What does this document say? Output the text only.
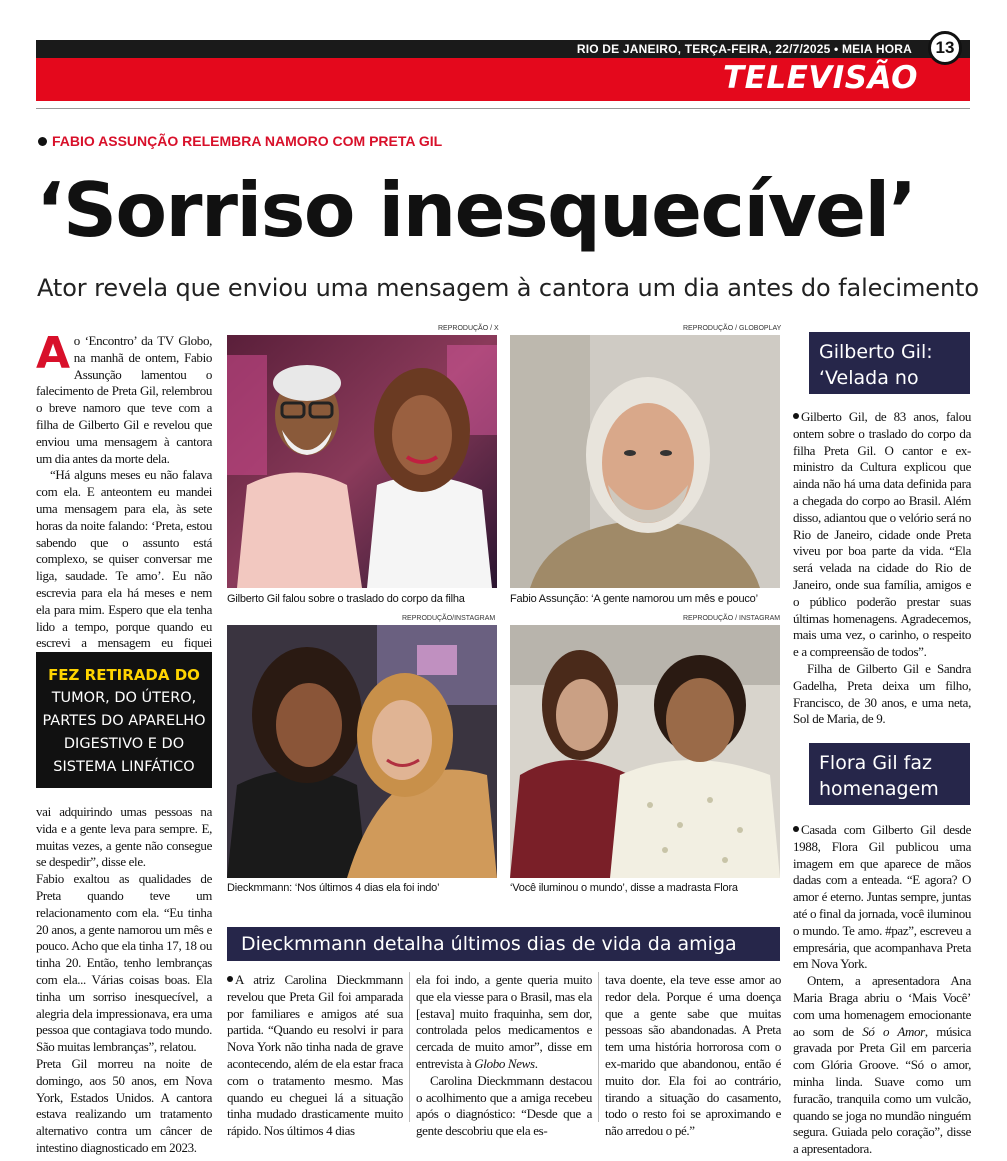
RIO DE JANEIRO, TERÇA-FEIRA, 22/7/2025 • MEIA HORA
TELEVISÃO
13
FABIO ASSUNÇÃO RELEMBRA NAMORO COM PRETA GIL
‘Sorriso inesquecível’
Ator revela que enviou uma mensagem à cantora um dia antes do falecimento

Ao ‘Encontro’ da TV Globo, na manhã de ontem, Fabio Assunção lamentou o falecimento de Preta Gil, relembrou o breve namoro que teve com a filha de Gilberto Gil e revelou que enviou uma mensagem à cantora um dia antes da morte dela.

“Há alguns meses eu não falava com ela. E anteontem eu mandei uma mensagem para ela, às sete horas da noite falando: ‘Preta, estou sabendo que o assunto está complexo, se quiser conversar me liga, saudade. Te amo’. Eu não escrevia para ela há meses e nem ela para mim. Espero que ela tenha lido a tempo, porque quando eu escrevi a mensagem eu fiquei

FEZ RETIRADA DO
TUMOR, DO ÚTERO, PARTES DO APARELHO DIGESTIVO E DO SISTEMA LINFÁTICO

vai adquirindo umas pessoas na vida e a gente leva para sempre. E, muitas vezes, a gente não consegue se despedir”, disse ele.

Fabio exaltou as qualidades de Preta quando teve um relacionamento com ela. “Eu tinha 20 anos, a gente namorou um mês e pouco. Acho que ela tinha 17, 18 ou tinha 20. Então, tenho lembranças com ela... Várias coisas boas. Ela tinha um sorriso inesquecível, a alegria dela impressionava, era uma pessoa que contagiava todo mundo. São muitas lembranças”, relatou.

Preta Gil morreu na noite de domingo, aos 50 anos, em Nova York, Estados Unidos. A cantora estava realizando um tratamento alternativo contra um câncer de intestino diagnosticado em 2023.

REPRODUÇÃO / X
Gilberto Gil falou sobre o traslado do corpo da filha
REPRODUÇÃO / GLOBOPLAY
Fabio Assunção: ‘A gente namorou um mês e pouco’
REPRODUÇÃO/INSTAGRAM
Dieckmmann: ‘Nos últimos 4 dias ela foi indo’
REPRODUÇÃO / INSTAGRAM
‘Você iluminou o mundo’, disse a madrasta Flora
Dieckmmann detalha últimos dias de vida da amiga

A atriz Carolina Dieckmmann revelou que Preta Gil foi amparada por familiares e amigos até sua partida. “Quando eu resolvi ir para Nova York não tinha nada de grave acontecendo, além de ela estar fraca com o tratamento mesmo. Mas quando eu cheguei lá a situação tinha mudado drasticamente muito rápido. Nos últimos 4 dias

ela foi indo, a gente queria muito que ela viesse para o Brasil, mas ela [estava] muito fraquinha, sem dor, controlada pelos medicamentos e cercada de muito amor”, disse em entrevista à Globo News.

Carolina Dieckmmann destacou o acolhimento que a amiga recebeu após o diagnóstico: “Desde que a gente descobriu que ela es-

tava doente, ela teve esse amor ao redor dela. Porque é uma doença que a gente sabe que muitas pessoas são abandonadas. A Preta tem uma história horrorosa com o ex-marido que abandonou, então é muito dor. Ela foi ao contrário, tirando a situação do casamento, todo o resto foi se aproximando e não arredou o pé.”

Gilberto Gil: ‘Velada no Rio’

Gilberto Gil, de 83 anos, falou ontem sobre o traslado do corpo da filha Preta Gil. O cantor e ex-ministro da Cultura explicou que ainda não há uma data definida para a chegada do corpo ao Brasil. Além disso, adiantou que o velório será no Rio de Janeiro, cidade onde Preta viveu por boa parte da vida. “Ela será velada na cidade do Rio de Janeiro, onde sua família, amigos e o público poderão prestar suas últimas homenagens. Agradecemos, mais uma vez, o carinho, o respeito e a compreensão de todos”.

Filha de Gilberto Gil e Sandra Gadelha, Preta deixa um filho, Francisco, de 30 anos, e uma neta, Sol de Maria, de 9.

Flora Gil faz homenagem

Casada com Gilberto Gil desde 1988, Flora Gil publicou uma imagem em que aparece de mãos dadas com a enteada. “E agora? O amor é eterno. Juntas sempre, juntas até o final da jornada, você iluminou o mundo. Te amo. #paz”, escreveu a empresária, que acompanhava Preta em Nova York.

Ontem, a apresentadora Ana Maria Braga abriu o ‘Mais Você’ com uma homenagem emocionante ao som de Só o Amor, música gravada por Preta Gil em parceria com Glória Groove. “Só o amor, minha linda. Suave como um furacão, tranquila como um vulcão, quando se joga no mundão ninguém segura. Guiada pelo coração”, disse a apresentadora.
